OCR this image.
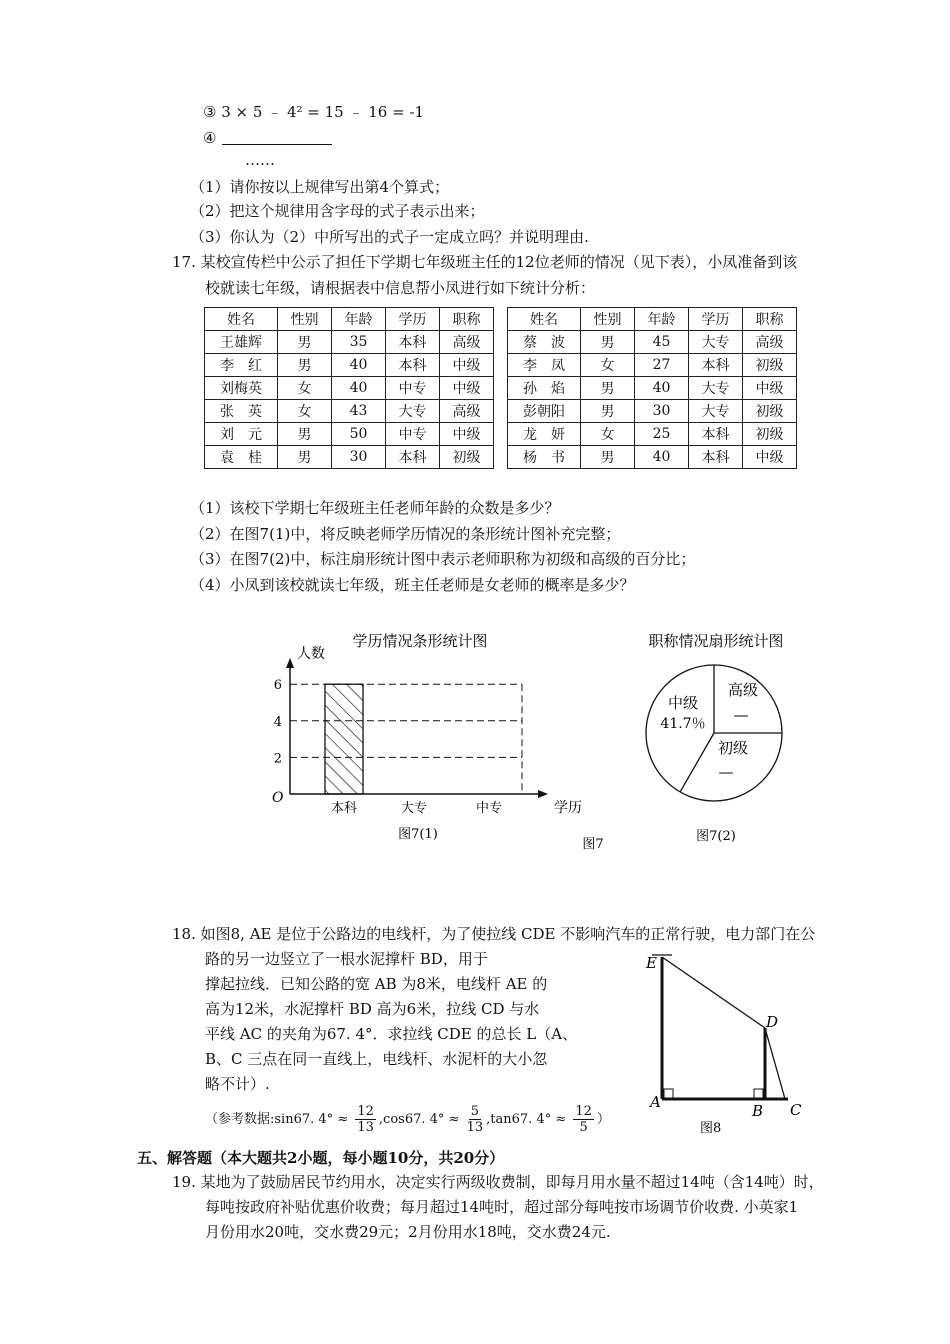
③ 3 × 5 ﹣ 4² = 15 ﹣ 16 = -1
④
……
（1）请你按以上规律写出第4个算式；
（2）把这个规律用含字母的式子表示出来；
（3）你认为（2）中所写出的式子一定成立吗？并说明理由.
17. 某校宣传栏中公示了担任下学期七年级班主任的12位老师的情况（见下表），小凤准备到该
校就读七年级，请根据表中信息帮小凤进行如下统计分析：
姓名	性别	年龄	学历	职称		姓名	性别	年龄	学历	职称
王雄辉	男	35	本科	高级		蔡　波	男	45	大专	高级
李　红	男	40	本科	中级		李　凤	女	27	本科	初级
刘梅英	女	40	中专	中级		孙　焰	男	40	大专	中级
张　英	女	43	大专	高级		彭朝阳	男	30	大专	初级
刘　元	男	50	中专	中级		龙　妍	女	25	本科	初级
袁　桂	男	30	本科	初级		杨　书	男	40	本科	中级
（1）该校下学期七年级班主任老师年龄的众数是多少？
（2）在图7(1)中，将反映老师学历情况的条形统计图补充完整；
（3）在图7(2)中，标注扇形统计图中表示老师职称为初级和高级的百分比；
（4）小凤到该校就读七年级，班主任老师是女老师的概率是多少？
学历情况条形统计图
人数
O
学历
2
4
6
本科	大专	中专
图7(1)
图7
职称情况扇形统计图
高级
—
中级
41.7％
初级
—
图7(2)
18. 如图8, AE 是位于公路边的电线杆，为了使拉线 CDE 不影响汽车的正常行驶，电力部门在公
路的另一边竖立了一根水泥撑杆 BD，用于
撑起拉线．已知公路的宽 AB 为8米，电线杆 AE 的
高为12米，水泥撑杆 BD 高为6米，拉线 CD 与水
平线 AC 的夹角为67. 4°．求拉线 CDE 的总长 L（A、
B、C 三点在同一直线上，电线杆、水泥杆的大小忽
略不计）.
（参考数据:sin67. $4^\circ \approx \frac{12}{13} ,\cos 67$. $4^\circ \approx \frac{5}{13} ,\tan 67$. $4^\circ \approx \frac{12}{5}$ ）
E
D
A	B C
图8
五、解答题（本大题共2小题，每小题10分，共20分）
19. 某地为了鼓励居民节约用水，决定实行两级收费制，即每月用水量不超过14吨（含14吨）时，
每吨按政府补贴优惠价收费；每月超过14吨时，超过部分每吨按市场调节价收费. 小英家1
月份用水20吨，交水费29元；2月份用水18吨，交水费24元.
